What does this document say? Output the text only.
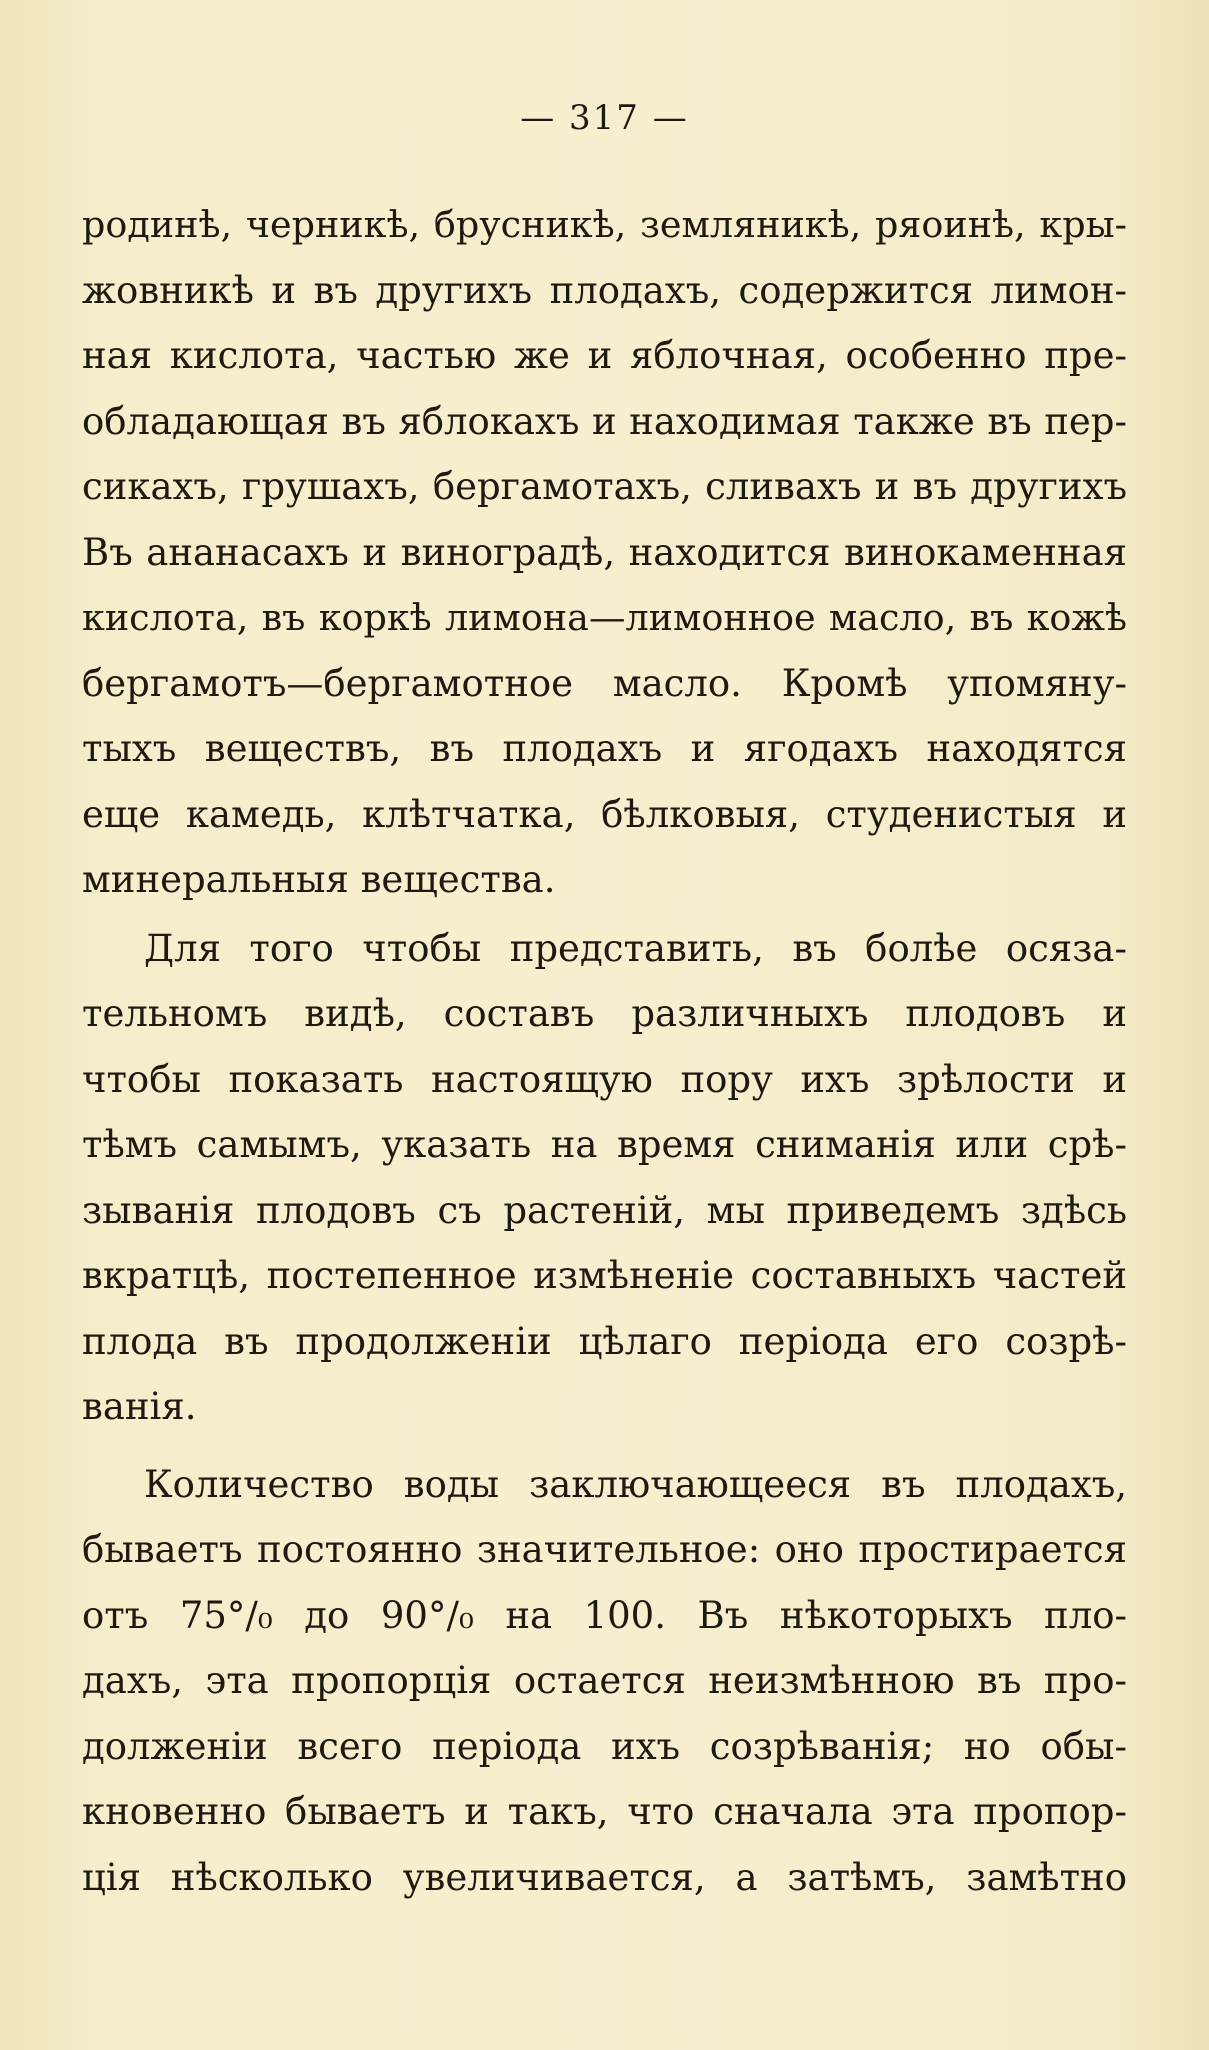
— 317 —
родинѣ, черникѣ, брусникѣ, земляникѣ, ряоинѣ, кры-
жовникѣ и въ другихъ плодахъ, содержится лимон-
ная кислота, частью же и яблочная, особенно пре-
обладающая въ яблокахъ и находимая также въ пер-
сикахъ, грушахъ, бергамотахъ, сливахъ и въ другихъ
Въ ананасахъ и виноградѣ, находится винокаменная
кислота, въ коркѣ лимона—лимонное масло, въ кожѣ
бергамотъ—бергамотное масло. Кромѣ упомяну-
тыхъ веществъ, въ плодахъ и ягодахъ находятся
еще камедь, клѣтчатка, бѣлковыя, студенистыя и
минеральныя вещества.
Для того чтобы представить, въ болѣе осяза-
тельномъ видѣ, составъ различныхъ плодовъ и
чтобы показать настоящую пору ихъ зрѣлости и
тѣмъ самымъ, указать на время сниманія или срѣ-
зыванія плодовъ съ растеній, мы приведемъ здѣсь
вкратцѣ, постепенное измѣненіе составныхъ частей
плода въ продолженіи цѣлаго періода его созрѣ-
ванія.
Количество воды заключающееся въ плодахъ,
бываетъ постоянно значительное: оно простирается
отъ 75°/₀ до 90°/₀ на 100. Въ нѣкоторыхъ пло-
дахъ, эта пропорція остается неизмѣнною въ про-
долженіи всего періода ихъ созрѣванія; но обы-
кновенно бываетъ и такъ, что сначала эта пропор-
ція нѣсколько увеличивается, а затѣмъ, замѣтно
